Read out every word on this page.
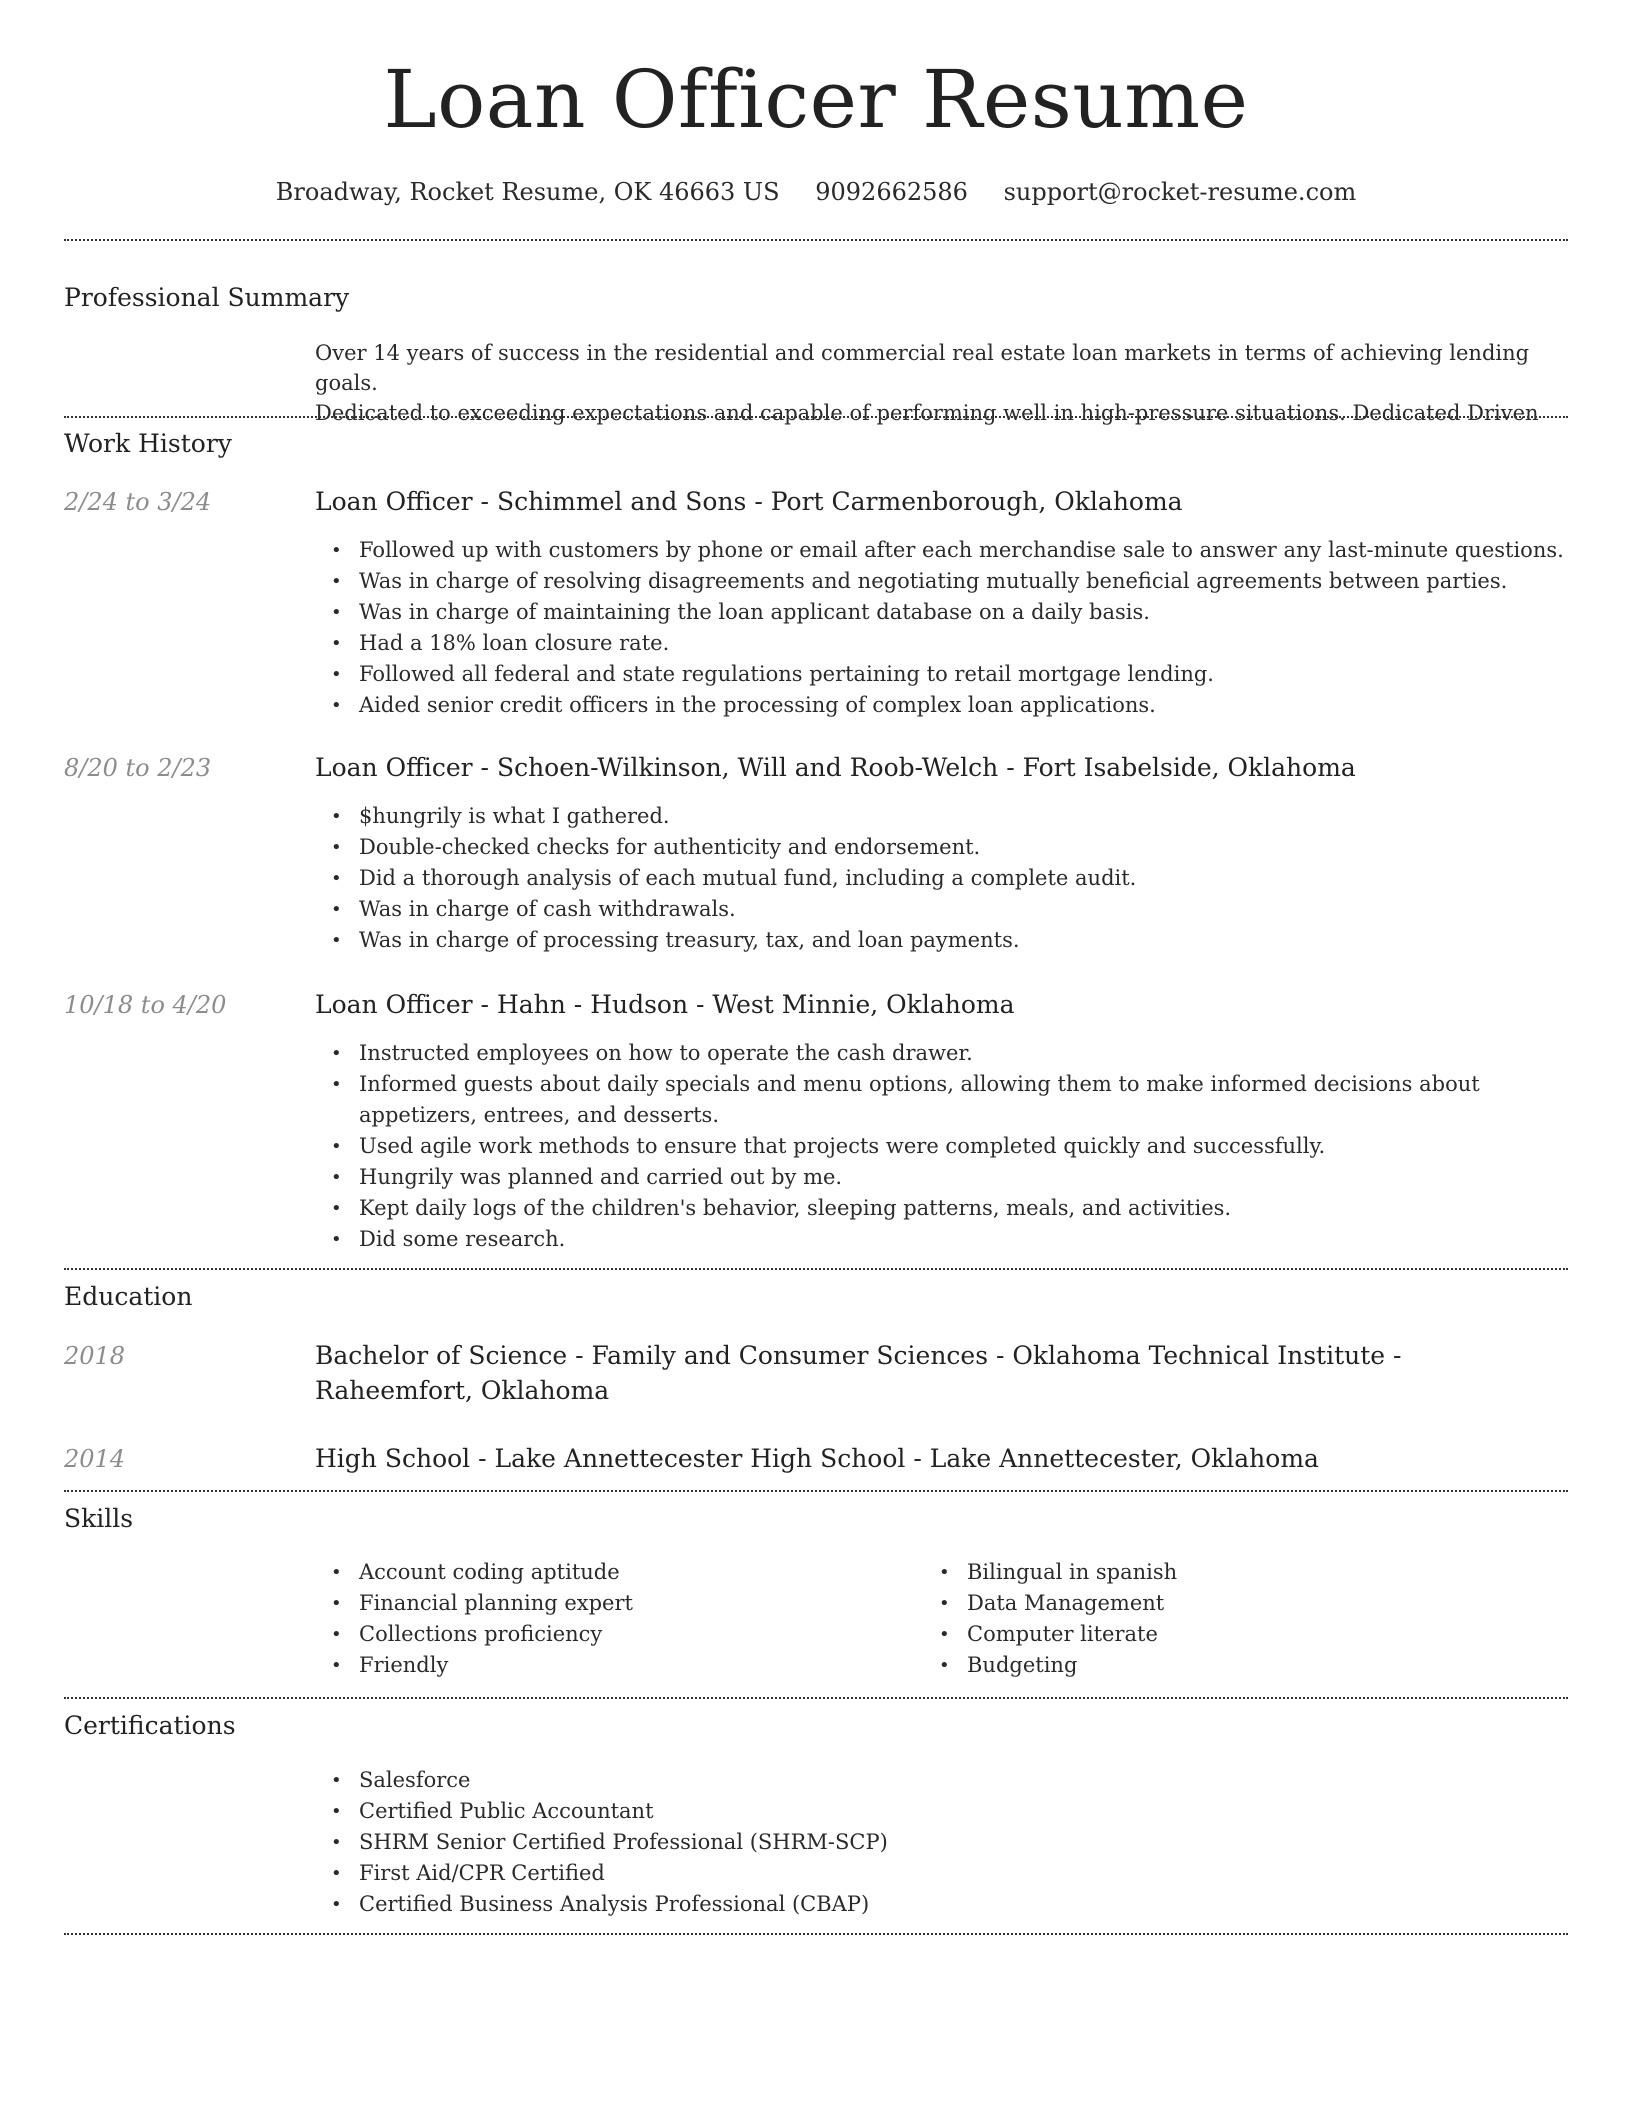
Loan Officer Resume
Broadway, Rocket Resume, OK 46663 US 9092662586 support@rocket-resume.com
Professional Summary
Over 14 years of success in the residential and commercial real estate loan markets in terms of achieving lending goals.
Dedicated to exceeding expectations and capable of performing well in high-pressure situations. Dedicated Driven
Work History
2/24 to 3/24	Loan Officer - Schimmel and Sons - Port Carmenborough, Oklahoma
• Followed up with customers by phone or email after each merchandise sale to answer any last-minute questions.
• Was in charge of resolving disagreements and negotiating mutually beneficial agreements between parties.
• Was in charge of maintaining the loan applicant database on a daily basis.
• Had a 18% loan closure rate.
• Followed all federal and state regulations pertaining to retail mortgage lending.
• Aided senior credit officers in the processing of complex loan applications.
8/20 to 2/23	Loan Officer - Schoen-Wilkinson, Will and Roob-Welch - Fort Isabelside, Oklahoma
• $hungrily is what I gathered.
• Double-checked checks for authenticity and endorsement.
• Did a thorough analysis of each mutual fund, including a complete audit.
• Was in charge of cash withdrawals.
• Was in charge of processing treasury, tax, and loan payments.
10/18 to 4/20	Loan Officer - Hahn - Hudson - West Minnie, Oklahoma
• Instructed employees on how to operate the cash drawer.
• Informed guests about daily specials and menu options, allowing them to make informed decisions about appetizers, entrees, and desserts.
• Used agile work methods to ensure that projects were completed quickly and successfully.
• Hungrily was planned and carried out by me.
• Kept daily logs of the children's behavior, sleeping patterns, meals, and activities.
• Did some research.
Education
2018	Bachelor of Science - Family and Consumer Sciences - Oklahoma Technical Institute - Raheemfort, Oklahoma
2014	High School - Lake Annettecester High School - Lake Annettecester, Oklahoma
Skills
• Account coding aptitude
• Financial planning expert
• Collections proficiency
• Friendly
• Bilingual in spanish
• Data Management
• Computer literate
• Budgeting
Certifications
• Salesforce
• Certified Public Accountant
• SHRM Senior Certified Professional (SHRM-SCP)
• First Aid/CPR Certified
• Certified Business Analysis Professional (CBAP)
